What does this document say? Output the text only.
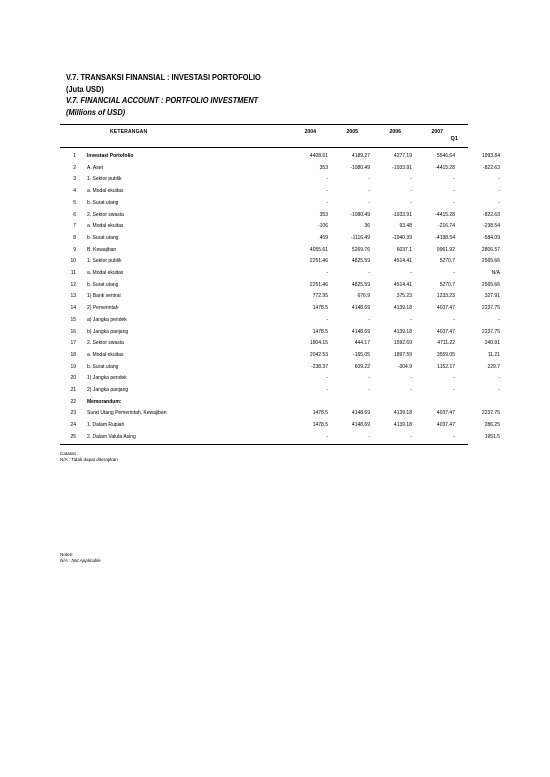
V.7. TRANSAKSI FINANSIAL : INVESTASI PORTOFOLIO
(Juta USD)
V.7. FINANCIAL ACCOUNT : PORTFOLIO INVESTMENT
(Millions of USD)
KETERANGAN	2004	2005	2006	2007
Q1
1 Investasi Portofolio	4408.61	4189.27	4277.19	5546.64	1993.84
2 A. Aset	353	-1080.49	-1933.91	-4415.28	-822.63
3 1. Sektor publik	-	-	-	-	-
4 a. Modal ekuitas	-	-	-	-	-
5 b. Surat utang	-	-	-	-	-
6 2. Sektor swasta	353	-1080.49	-1933.91	-4415.28	-822.63
7 a. Modal ekuitas	-106	36	93.48	-216.74	-238.54
8 b. Surat utang	459	-1116.49	-1940.39	-4198.54	-584.09
9 B. Kewajiban	4055.61	5269.76	6037.1	9961.92	2806.57
10 1. Sektor publik	2251.46	4825.59	4514.41	5270.7	2565.66
11 a. Modal ekuitas	-	-	-	-	N/A
12 b. Surat utang	2251.46	4825.59	4514.41	5270.7	2565.66
13 1) Bank sentral	772.95	676.9	375.23	1233.23	327.91
14 2) Pemerintah	1478.5	4148.69	4139.18	4037.47	2237.75
15 a) Jangka pendek	-	-	-	-	-
16 b) Jangka panjang	1478.5	4148.69	4139.18	4037.47	2237.75
17 2. Sektor swasta	1804.15	444.17	1592.69	4711.22	240.91
18 a. Modal ekuitas	2042.53	-165.05	1897.59	3559.05	11.21
19 b. Surat utang	-238.37	609.22	-304.9	1152.17	229.7
20 1) Jangka pendek	-	-	-	-	-
21 2) Jangka panjang	-	-	-	-	-
22 Memorandum:
23 Surat Utang Pemerintah, Kewajiban	1478.5	4148.69	4139.18	4037.47	2237.75
24 1. Dalam Rupiah	1478.5	4148.69	4139.18	4037.47	286.25
25 2. Dalam Valuta Asing	-	-	-	-	1951.5
Catatan :
N/A : Tidak dapat diterapkan
Notes:
N/A : Not Applicable
